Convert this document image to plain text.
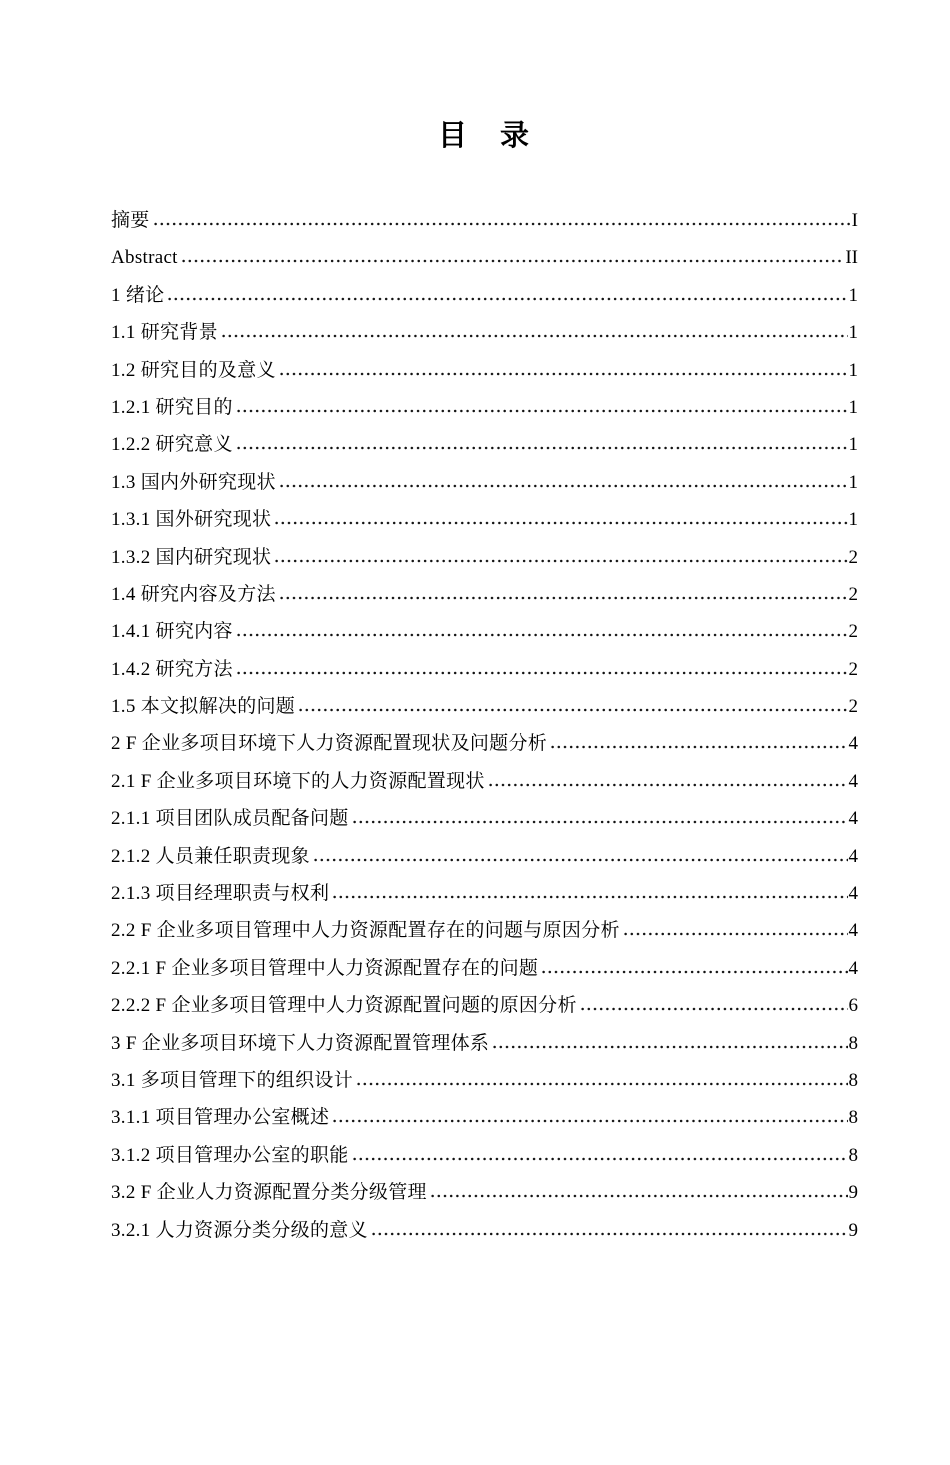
目　录
摘要	I
Abstract	II
1 绪论	1
1.1 研究背景	1
1.2 研究目的及意义	1
1.2.1 研究目的	1
1.2.2 研究意义	1
1.3 国内外研究现状	1
1.3.1 国外研究现状	1
1.3.2 国内研究现状	2
1.4 研究内容及方法	2
1.4.1 研究内容	2
1.4.2 研究方法	2
1.5 本文拟解决的问题	2
2 F 企业多项目环境下人力资源配置现状及问题分析	4
2.1 F 企业多项目环境下的人力资源配置现状	4
2.1.1 项目团队成员配备问题	4
2.1.2 人员兼任职责现象	4
2.1.3 项目经理职责与权利	4
2.2 F 企业多项目管理中人力资源配置存在的问题与原因分析	4
2.2.1 F 企业多项目管理中人力资源配置存在的问题	4
2.2.2 F 企业多项目管理中人力资源配置问题的原因分析	6
3 F 企业多项目环境下人力资源配置管理体系	8
3.1 多项目管理下的组织设计	8
3.1.1 项目管理办公室概述	8
3.1.2 项目管理办公室的职能	8
3.2 F 企业人力资源配置分类分级管理	9
3.2.1 人力资源分类分级的意义	9
